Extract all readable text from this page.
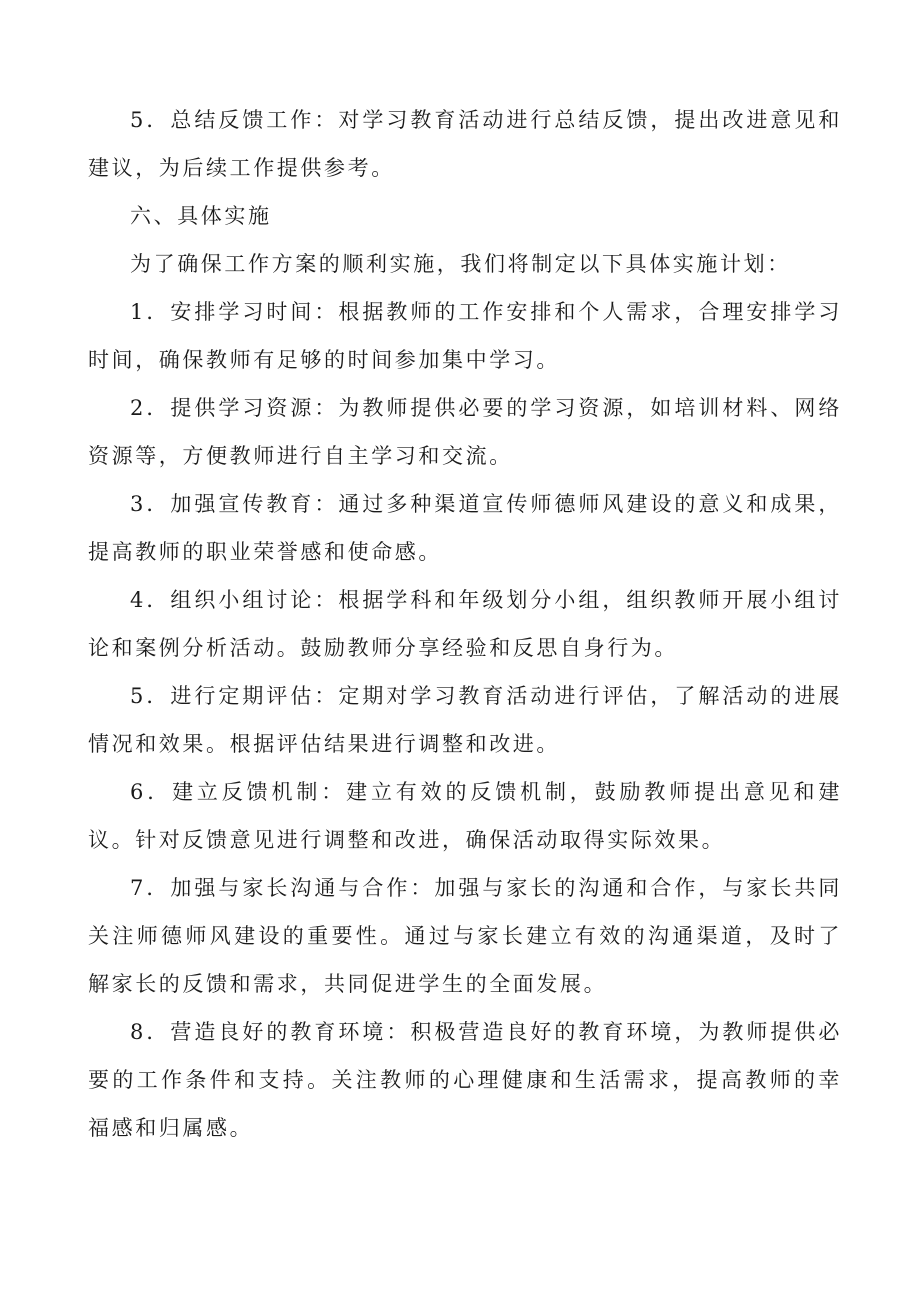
5．总结反馈工作：对学习教育活动进行总结反馈，提出改进意见和建议，为后续工作提供参考。

六、具体实施

为了确保工作方案的顺利实施，我们将制定以下具体实施计划：

1．安排学习时间：根据教师的工作安排和个人需求，合理安排学习时间，确保教师有足够的时间参加集中学习。

2．提供学习资源：为教师提供必要的学习资源，如培训材料、网络资源等，方便教师进行自主学习和交流。

3．加强宣传教育：通过多种渠道宣传师德师风建设的意义和成果，提高教师的职业荣誉感和使命感。

4．组织小组讨论：根据学科和年级划分小组，组织教师开展小组讨论和案例分析活动。鼓励教师分享经验和反思自身行为。

5．进行定期评估：定期对学习教育活动进行评估，了解活动的进展情况和效果。根据评估结果进行调整和改进。

6．建立反馈机制：建立有效的反馈机制，鼓励教师提出意见和建议。针对反馈意见进行调整和改进，确保活动取得实际效果。

7．加强与家长沟通与合作：加强与家长的沟通和合作，与家长共同关注师德师风建设的重要性。通过与家长建立有效的沟通渠道，及时了解家长的反馈和需求，共同促进学生的全面发展。

8．营造良好的教育环境：积极营造良好的教育环境，为教师提供必要的工作条件和支持。关注教师的心理健康和生活需求，提高教师的幸福感和归属感。
